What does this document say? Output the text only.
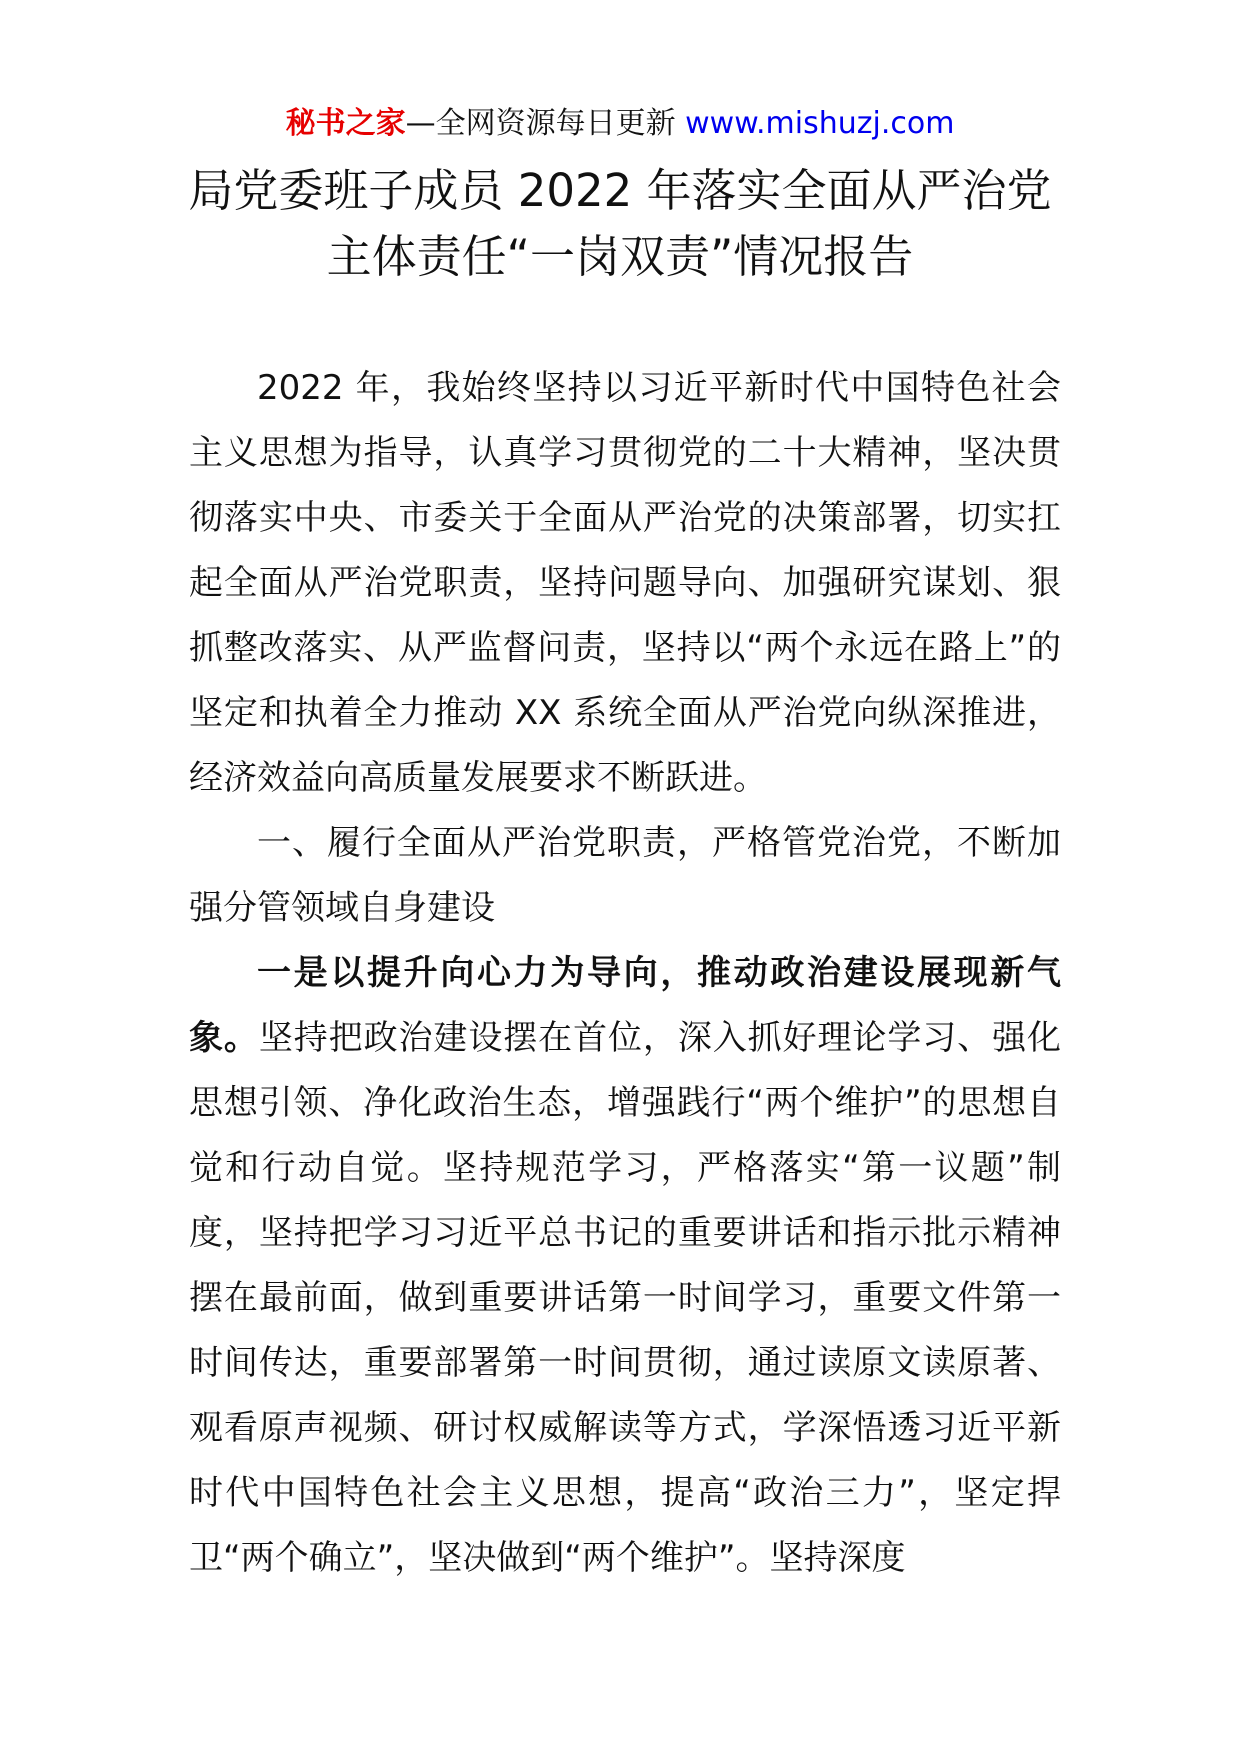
秘书之家—全网资源每日更新 www.mishuzj.com
局党委班子成员 2022 年落实全面从严治党
主体责任“一岗双责”情况报告

2022 年，我始终坚持以习近平新时代中国特色社会主义思想为指导，认真学习贯彻党的二十大精神，坚决贯彻落实中央、市委关于全面从严治党的决策部署，切实扛起全面从严治党职责，坚持问题导向、加强研究谋划、狠抓整改落实、从严监督问责，坚持以“两个永远在路上”的坚定和执着全力推动 XX 系统全面从严治党向纵深推进，经济效益向高质量发展要求不断跃进。

一、履行全面从严治党职责，严格管党治党，不断加强分管领域自身建设

一是以提升向心力为导向，推动政治建设展现新气象。坚持把政治建设摆在首位，深入抓好理论学习、强化思想引领、净化政治生态，增强践行“两个维护”的思想自觉和行动自觉。坚持规范学习，严格落实“第一议题”制度，坚持把学习习近平总书记的重要讲话和指示批示精神摆在最前面，做到重要讲话第一时间学习，重要文件第一时间传达，重要部署第一时间贯彻，通过读原文读原著、观看原声视频、研讨权威解读等方式，学深悟透习近平新时代中国特色社会主义思想，提高“政治三力”，坚定捍卫“两个确立”，坚决做到“两个维护”。坚持深度
